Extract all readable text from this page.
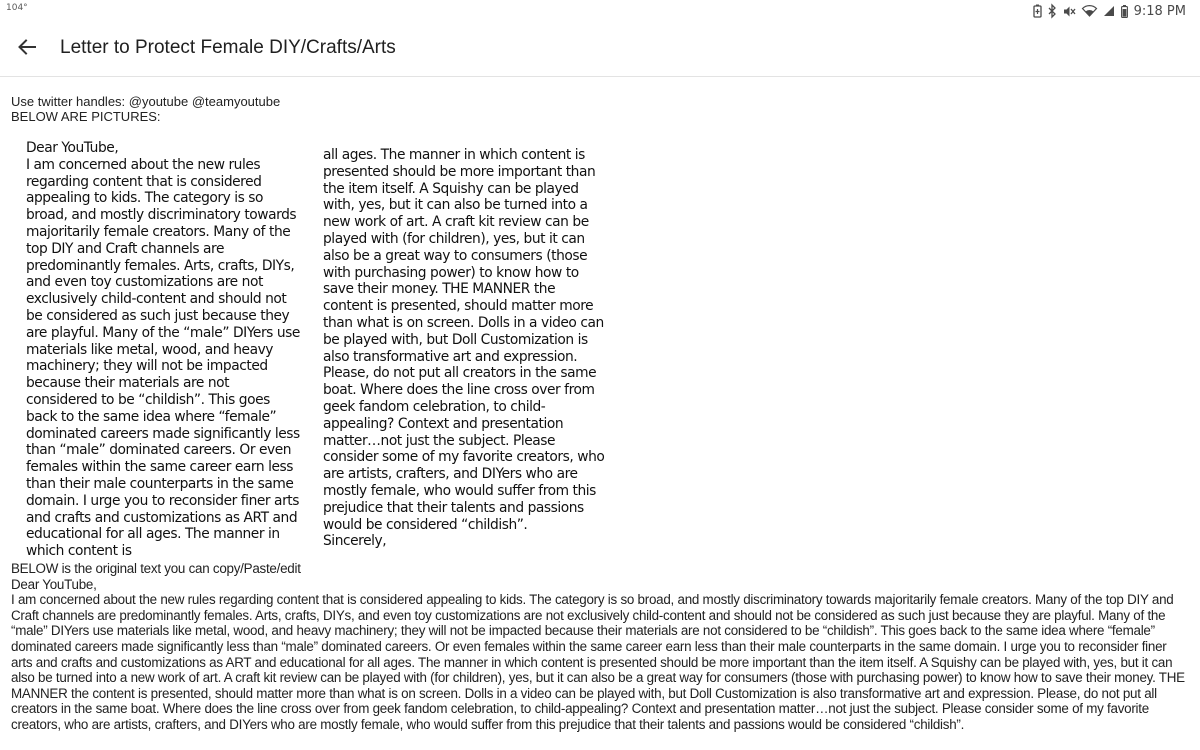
104°	9:18 PM
Letter to Protect Female DIY/Crafts/Arts
Use twitter handles: @youtube @teamyoutube
BELOW ARE PICTURES:

Dear YouTube,

I am concerned about the new rules regarding content that is considered appealing to kids. The category is so broad, and mostly discriminatory towards majoritarily female creators. Many of the top DIY and Craft channels are predominantly females. Arts, crafts, DIYs, and even toy customizations are not exclusively child-content and should not be considered as such just because they are playful. Many of the “male” DIYers use materials like metal, wood, and heavy machinery; they will not be impacted because their materials are not considered to be “childish”. This goes back to the same idea where “female” dominated careers made significantly less than “male” dominated careers. Or even females within the same career earn less than their male counterparts in the same domain. I urge you to reconsider finer arts and crafts and customizations as ART and educational for all ages. The manner in which content is

all ages. The manner in which content is presented should be more important than the item itself. A Squishy can be played with, yes, but it can also be turned into a new work of art. A craft kit review can be played with (for children), yes, but it can also be a great way to consumers (those with purchasing power) to know how to save their money. THE MANNER the content is presented, should matter more than what is on screen. Dolls in a video can be played with, but Doll Customization is also transformative art and expression. Please, do not put all creators in the same boat. Where does the line cross over from geek fandom celebration, to child-appealing? Context and presentation matter…not just the subject. Please consider some of my favorite creators, who are artists, crafters, and DIYers who are mostly female, who would suffer from this prejudice that their talents and passions would be considered “childish”.

Sincerely,

BELOW is the original text you can copy/Paste/edit
Dear YouTube,
I am concerned about the new rules regarding content that is considered appealing to kids. The category is so broad, and mostly discriminatory towards majoritarily female creators. Many of the top DIY and Craft channels are predominantly females. Arts, crafts, DIYs, and even toy customizations are not exclusively child-content and should not be considered as such just because they are playful. Many of the “male” DIYers use materials like metal, wood, and heavy machinery; they will not be impacted because their materials are not considered to be “childish”. This goes back to the same idea where “female” dominated careers made significantly less than “male” dominated careers. Or even females within the same career earn less than their male counterparts in the same domain. I urge you to reconsider finer arts and crafts and customizations as ART and educational for all ages. The manner in which content is presented should be more important than the item itself. A Squishy can be played with, yes, but it can also be turned into a new work of art. A craft kit review can be played with (for children), yes, but it can also be a great way for consumers (those with purchasing power) to know how to save their money. THE MANNER the content is presented, should matter more than what is on screen. Dolls in a video can be played with, but Doll Customization is also transformative art and expression. Please, do not put all creators in the same boat. Where does the line cross over from geek fandom celebration, to child-appealing? Context and presentation matter…not just the subject. Please consider some of my favorite creators, who are artists, crafters, and DIYers who are mostly female, who would suffer from this prejudice that their talents and passions would be considered “childish”.
